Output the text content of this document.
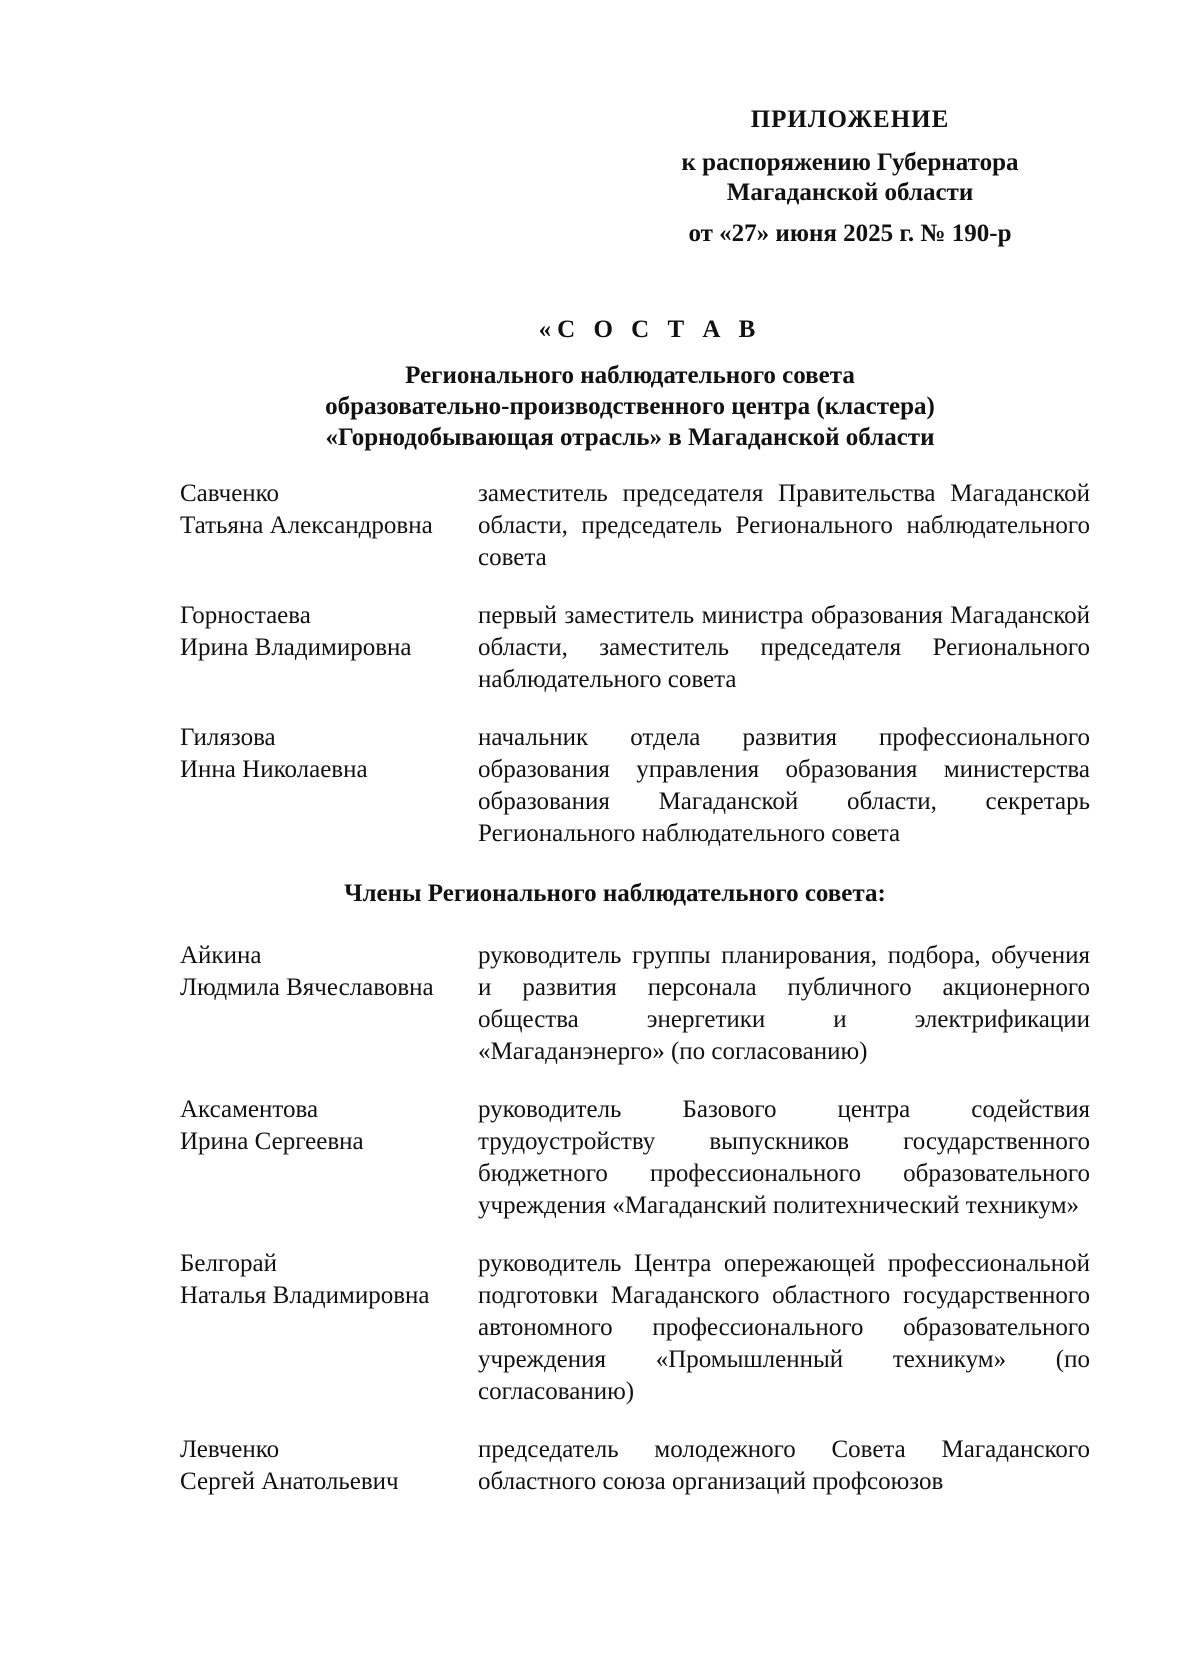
ПРИЛОЖЕНИЕ
к распоряжению Губернатора
Магаданской области
от «27» июня 2025 г. № 190-р
«С О С Т А В
Регионального наблюдательного совета
образовательно-производственного центра (кластера)
«Горнодобывающая отрасль» в Магаданской области
Савченко
Татьяна Александровна
заместитель председателя Правительства Магаданской области, председатель Регионального наблюдательного совета
Горностаева
Ирина Владимировна
первый заместитель министра образования Магаданской области, заместитель председателя Регионального наблюдательного совета
Гилязова
Инна Николаевна
начальник отдела развития профессионального образования управления образования министерства образования Магаданской области, секретарь Регионального наблюдательного совета
Члены Регионального наблюдательного совета:
Айкина
Людмила Вячеславовна
руководитель группы планирования, подбора, обучения и развития персонала публичного акционерного общества энергетики и электрификации «Магаданэнерго» (по согласованию)
Аксаментова
Ирина Сергеевна
руководитель Базового центра содействия трудоустройству выпускников государственного бюджетного профессионального образовательного учреждения «Магаданский политехнический техникум»
Белгорай
Наталья Владимировна
руководитель Центра опережающей профессиональной подготовки Магаданского областного государственного автономного профессионального образовательного учреждения «Промышленный техникум» (по согласованию)
Левченко
Сергей Анатольевич
председатель молодежного Совета Магаданского областного союза организаций профсоюзов
